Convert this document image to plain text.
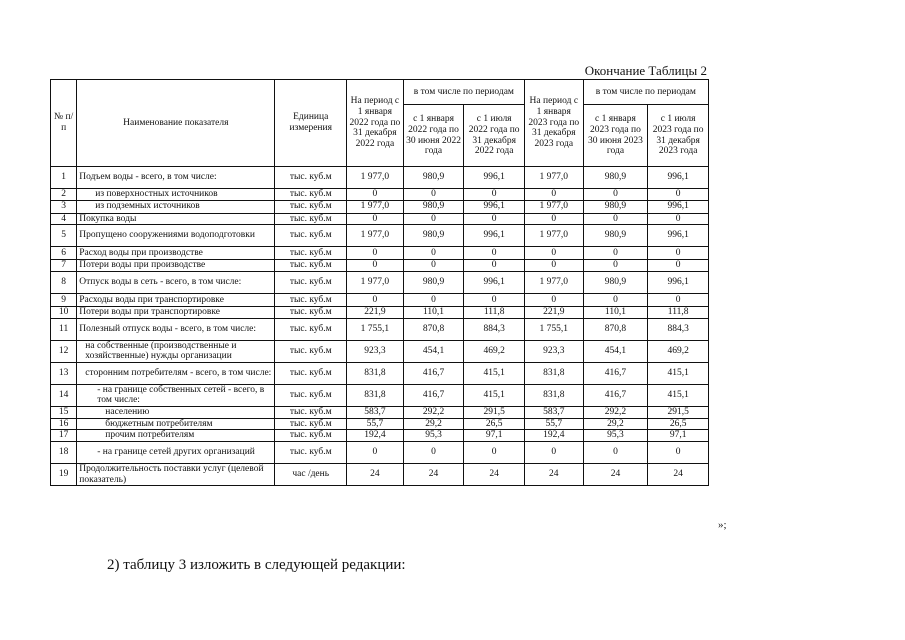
Окончание Таблицы 2
№ п/п	Наименование показателя	Единица измерения	На период с 1 января 2022 года по 31 декабря 2022 года	в том числе по периодам		На период с 1 января 2023 года по 31 декабря 2023 года	в том числе по периодам	
				с 1 января 2022 года по 30 июня 2022 года	с 1 июля 2022 года по 31 декабря 2022 года		с 1 января 2023 года по 30 июня 2023 года	с 1 июля 2023 года по 31 декабря 2023 года
1	Подъем воды - всего, в том числе:	тыс. куб.м	1 977,0	980,9	996,1	1 977,0	980,9	996,1
2	из поверхностных источников	тыс. куб.м	0	0	0	0	0	0
3	из подземных источников	тыс. куб.м	1 977,0	980,9	996,1	1 977,0	980,9	996,1
4	Покупка воды	тыс. куб.м	0	0	0	0	0	0
5	Пропущено сооружениями водоподготовки	тыс. куб.м	1 977,0	980,9	996,1	1 977,0	980,9	996,1
6	Расход воды при производстве	тыс. куб.м	0	0	0	0	0	0
7	Потери воды при производстве	тыс. куб.м	0	0	0	0	0	0
8	Отпуск воды в сеть - всего, в том числе:	тыс. куб.м	1 977,0	980,9	996,1	1 977,0	980,9	996,1
9	Расходы воды при транспортировке	тыс. куб.м	0	0	0	0	0	0
10	Потери воды при транспортировке	тыс. куб.м	221,9	110,1	111,8	221,9	110,1	111,8
11	Полезный отпуск воды - всего, в том числе:	тыс. куб.м	1 755,1	870,8	884,3	1 755,1	870,8	884,3
12	на собственные (производственные и хозяйственные) нужды организации	тыс. куб.м	923,3	454,1	469,2	923,3	454,1	469,2
13	сторонним потребителям - всего, в том числе:	тыс. куб.м	831,8	416,7	415,1	831,8	416,7	415,1
14	- на границе собственных сетей - всего, в том числе:	тыс. куб.м	831,8	416,7	415,1	831,8	416,7	415,1
15	населению	тыс. куб.м	583,7	292,2	291,5	583,7	292,2	291,5
16	бюджетным потребителям	тыс. куб.м	55,7	29,2	26,5	55,7	29,2	26,5
17	прочим потребителям	тыс. куб.м	192,4	95,3	97,1	192,4	95,3	97,1
18	- на границе сетей других организаций	тыс. куб.м	0	0	0	0	0	0
19	Продолжительность поставки услуг (целевой показатель)	час /день	24	24	24	24	24	24
»;
2) таблицу 3 изложить в следующей редакции:
